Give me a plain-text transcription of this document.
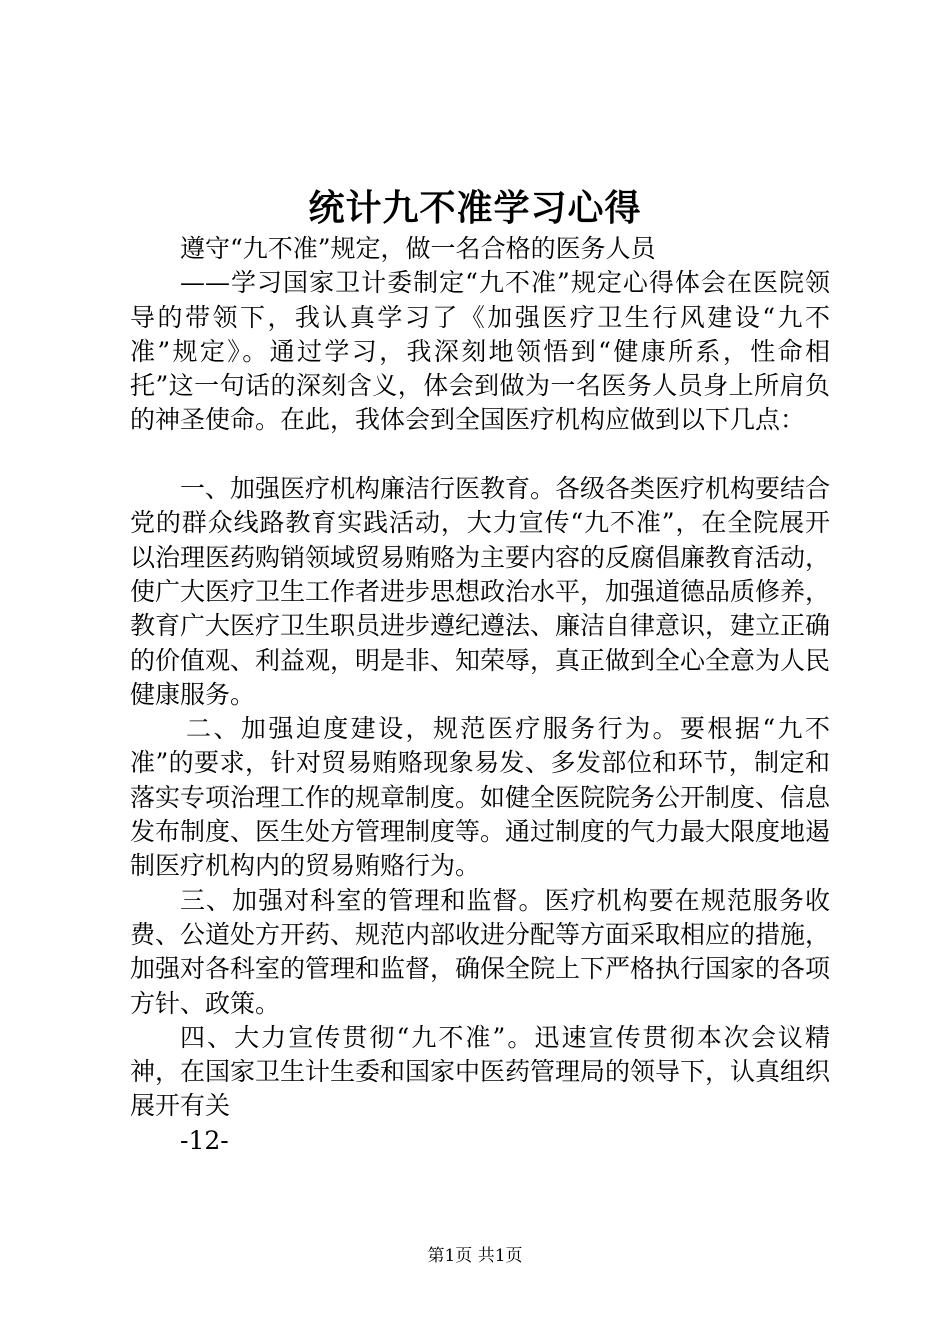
统计九不准学习心得

遵守“九不准”规定，做一名合格的医务人员

——学习国家卫计委制定“九不准”规定心得体会在医院领导的带领下，我认真学习了《加强医疗卫生行风建设“九不准”规定》。通过学习，我深刻地领悟到“健康所系，性命相托”这一句话的深刻含义，体会到做为一名医务人员身上所肩负的神圣使命。在此，我体会到全国医疗机构应做到以下几点：

一、加强医疗机构廉洁行医教育。各级各类医疗机构要结合党的群众线路教育实践活动，大力宣传“九不准”，在全院展开以治理医药购销领域贸易贿赂为主要内容的反腐倡廉教育活动，使广大医疗卫生工作者进步思想政治水平，加强道德品质修养，教育广大医疗卫生职员进步遵纪遵法、廉洁自律意识，建立正确的价值观、利益观，明是非、知荣辱，真正做到全心全意为人民健康服务。

二、加强迫度建设，规范医疗服务行为。要根据“九不准”的要求，针对贸易贿赂现象易发、多发部位和环节，制定和落实专项治理工作的规章制度。如健全医院院务公开制度、信息发布制度、医生处方管理制度等。通过制度的气力最大限度地遏制医疗机构内的贸易贿赂行为。

三、加强对科室的管理和监督。医疗机构要在规范服务收费、公道处方开药、规范内部收进分配等方面采取相应的措施，加强对各科室的管理和监督，确保全院上下严格执行国家的各项方针、政策。

四、大力宣传贯彻“九不准”。迅速宣传贯彻本次会议精神，在国家卫生计生委和国家中医药管理局的领导下，认真组织展开有关

-12-

第1页 共1页
